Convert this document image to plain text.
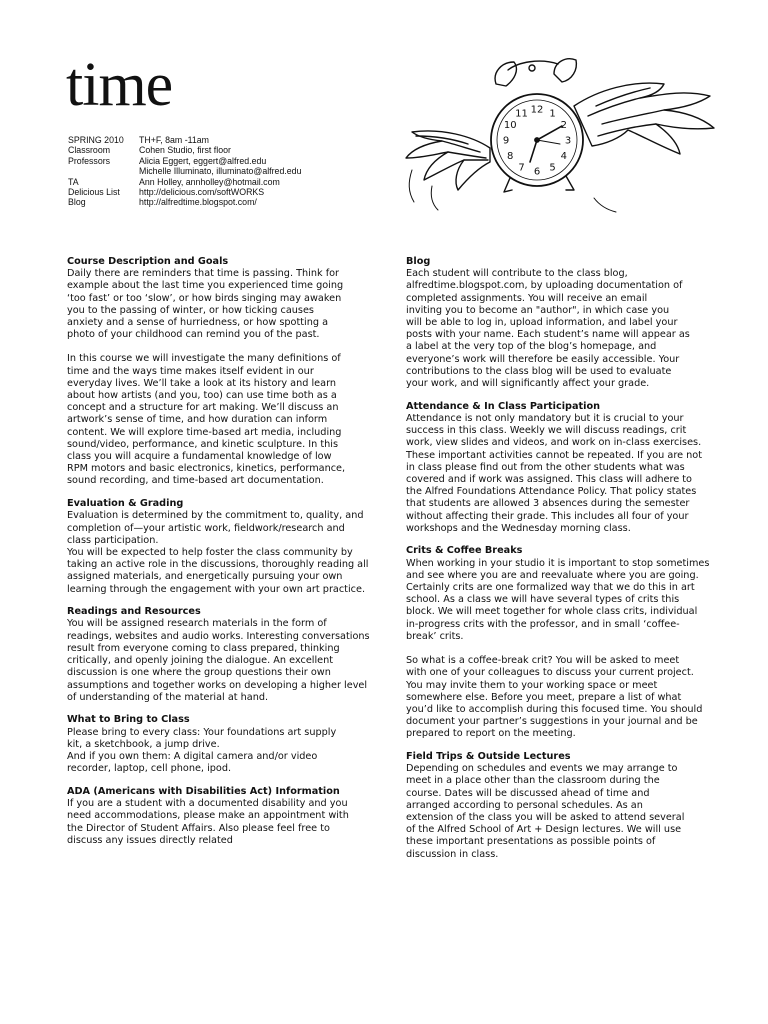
time
SPRING 2010	TH+F, 8am -11am
Classroom	Cohen Studio, first floor
Professors	Alicia Eggert, eggert@alfred.edu
Michelle Illuminato, illuminato@alfred.edu
TA	Ann Holley, annholley@hotmail.com
Delicious List	http://delicious.com/softWORKS
Blog	http://alfredtime.blogspot.com/
12 1
2
3
4
5
6
7
8
9
10
11
Course Description and Goals
Daily there are reminders that time is passing. Think for
example about the last time you experienced time going
‘too fast’ or too ‘slow’, or how birds singing may awaken
you to the passing of winter, or how ticking causes
anxiety and a sense of hurriedness, or how spotting a
photo of your childhood can remind you of the past.
In this course we will investigate the many definitions of
time and the ways time makes itself evident in our
everyday lives. We’ll take a look at its history and learn
about how artists (and you, too) can use time both as a
concept and a structure for art making. We’ll discuss an
artwork’s sense of time, and how duration can inform
content. We will explore time-based art media, including
sound/video, performance, and kinetic sculpture. In this
class you will acquire a fundamental knowledge of low
RPM motors and basic electronics, kinetics, performance,
sound recording, and time-based art documentation.
Evaluation & Grading
Evaluation is determined by the commitment to, quality, and
completion of—your artistic work, fieldwork/research and
class participation.
You will be expected to help foster the class community by
taking an active role in the discussions, thoroughly reading all
assigned materials, and energetically pursuing your own
learning through the engagement with your own art practice.
Readings and Resources
You will be assigned research materials in the form of
readings, websites and audio works. Interesting conversations
result from everyone coming to class prepared, thinking
critically, and openly joining the dialogue. An excellent
discussion is one where the group questions their own
assumptions and together works on developing a higher level
of understanding of the material at hand.
What to Bring to Class
Please bring to every class: Your foundations art supply
kit, a sketchbook, a jump drive.
And if you own them: A digital camera and/or video
recorder, laptop, cell phone, ipod.
ADA (Americans with Disabilities Act) Information
If you are a student with a documented disability and you
need accommodations, please make an appointment with
the Director of Student Affairs. Also please feel free to
discuss any issues directly related
Blog
Each student will contribute to the class blog,
alfredtime.blogspot.com, by uploading documentation of
completed assignments. You will receive an email
inviting you to become an "author", in which case you
will be able to log in, upload information, and label your
posts with your name. Each student’s name will appear as
a label at the very top of the blog’s homepage, and
everyone’s work will therefore be easily accessible. Your
contributions to the class blog will be used to evaluate
your work, and will significantly affect your grade.
Attendance & In Class Participation
Attendance is not only mandatory but it is crucial to your
success in this class. Weekly we will discuss readings, crit
work, view slides and videos, and work on in-class exercises.
These important activities cannot be repeated. If you are not
in class please find out from the other students what was
covered and if work was assigned. This class will adhere to
the Alfred Foundations Attendance Policy. That policy states
that students are allowed 3 absences during the semester
without affecting their grade. This includes all four of your
workshops and the Wednesday morning class.
Crits & Coffee Breaks
When working in your studio it is important to stop sometimes
and see where you are and reevaluate where you are going.
Certainly crits are one formalized way that we do this in art
school. As a class we will have several types of crits this
block. We will meet together for whole class crits, individual
in-progress crits with the professor, and in small ‘coffee-
break’ crits.
So what is a coffee-break crit? You will be asked to meet
with one of your colleagues to discuss your current project.
You may invite them to your working space or meet
somewhere else. Before you meet, prepare a list of what
you’d like to accomplish during this focused time. You should
document your partner’s suggestions in your journal and be
prepared to report on the meeting.
Field Trips & Outside Lectures
Depending on schedules and events we may arrange to
meet in a place other than the classroom during the
course. Dates will be discussed ahead of time and
arranged according to personal schedules. As an
extension of the class you will be asked to attend several
of the Alfred School of Art + Design lectures. We will use
these important presentations as possible points of
discussion in class.
